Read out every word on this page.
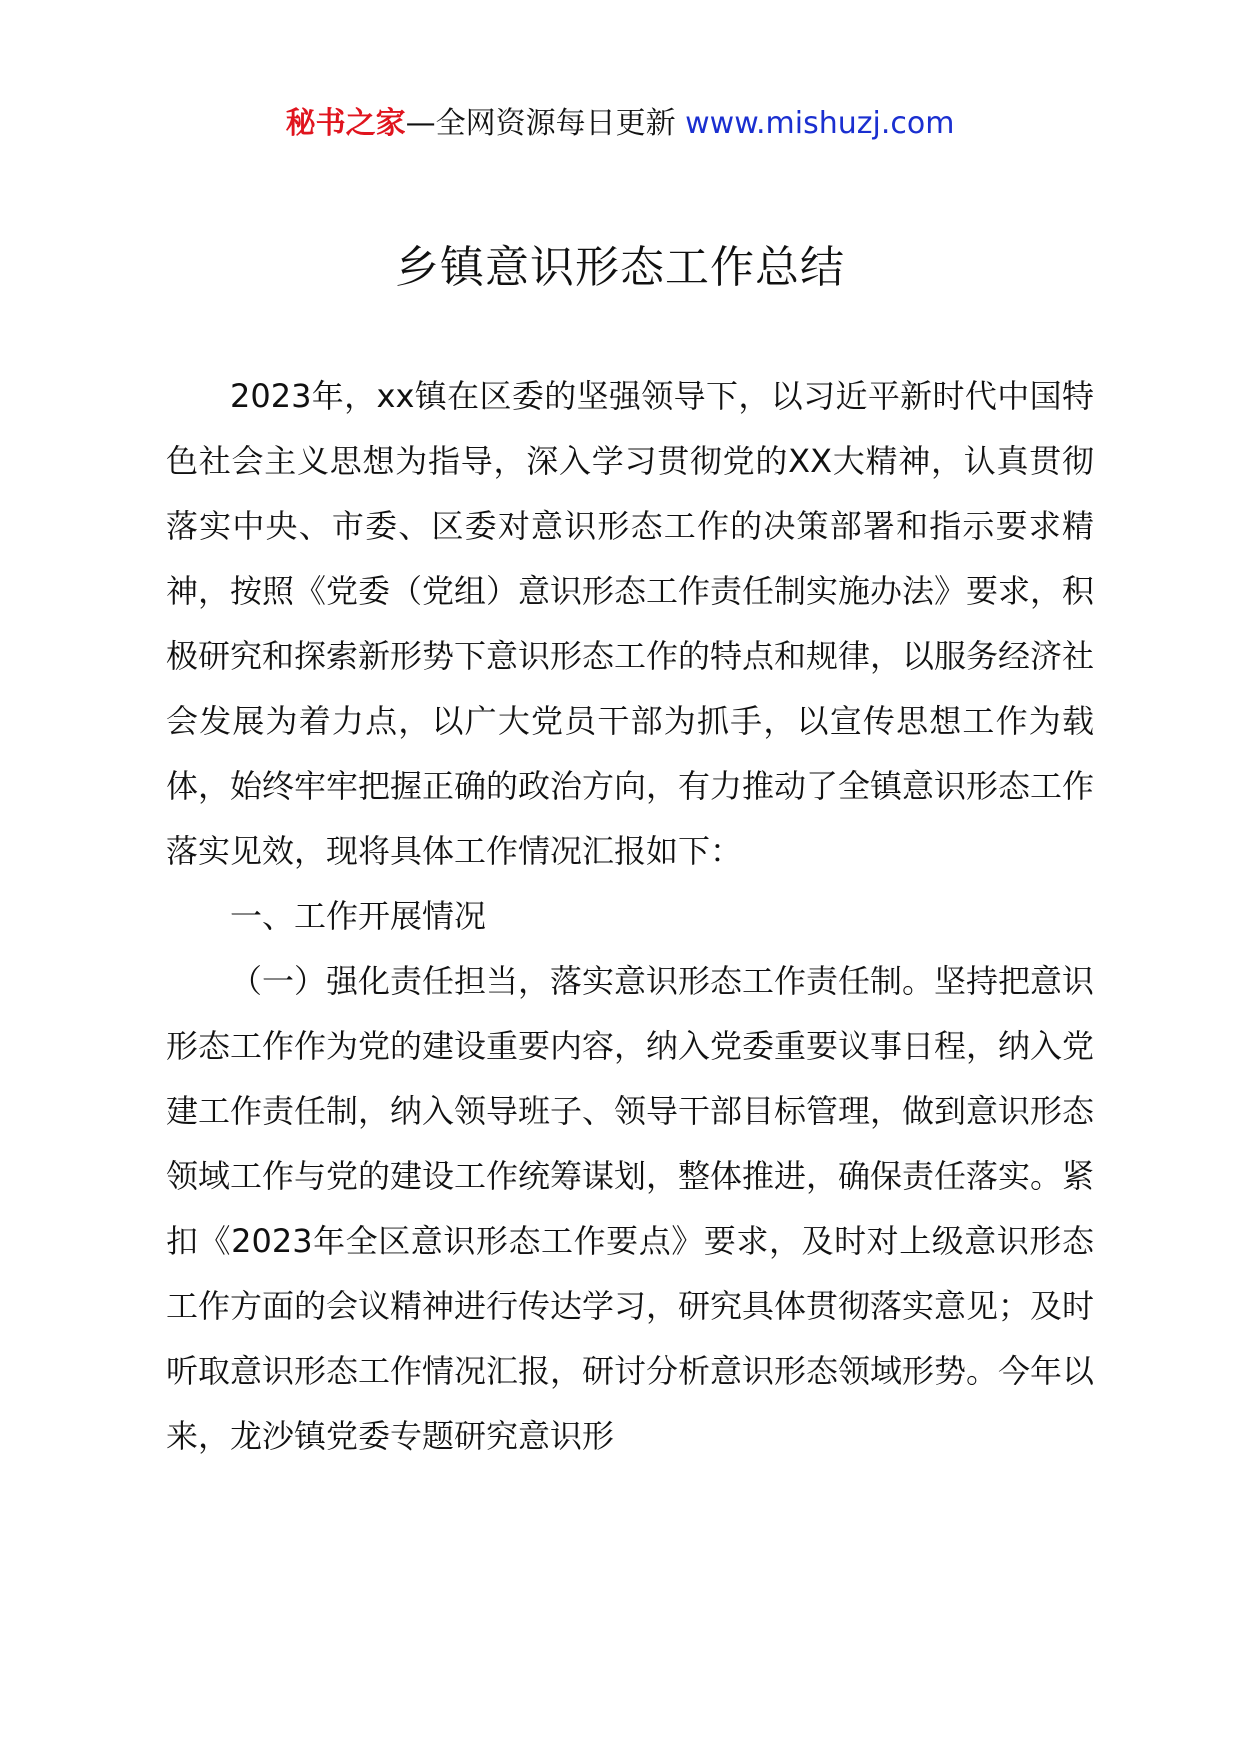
秘书之家—全网资源每日更新 www.mishuzj.com
乡镇意识形态工作总结

2023年，xx镇在区委的坚强领导下，以习近平新时代中国特色社会主义思想为指导，深入学习贯彻党的XX大精神，认真贯彻落实中央、市委、区委对意识形态工作的决策部署和指示要求精神，按照《党委（党组）意识形态工作责任制实施办法》要求，积极研究和探索新形势下意识形态工作的特点和规律，以服务经济社会发展为着力点，以广大党员干部为抓手，以宣传思想工作为载体，始终牢牢把握正确的政治方向，有力推动了全镇意识形态工作落实见效，现将具体工作情况汇报如下：

一、工作开展情况

（一）强化责任担当，落实意识形态工作责任制。坚持把意识形态工作作为党的建设重要内容，纳入党委重要议事日程，纳入党建工作责任制，纳入领导班子、领导干部目标管理，做到意识形态领域工作与党的建设工作统筹谋划，整体推进，确保责任落实。紧扣《2023年全区意识形态工作要点》要求，及时对上级意识形态工作方面的会议精神进行传达学习，研究具体贯彻落实意见；及时听取意识形态工作情况汇报，研讨分析意识形态领域形势。今年以来，龙沙镇党委专题研究意识形
